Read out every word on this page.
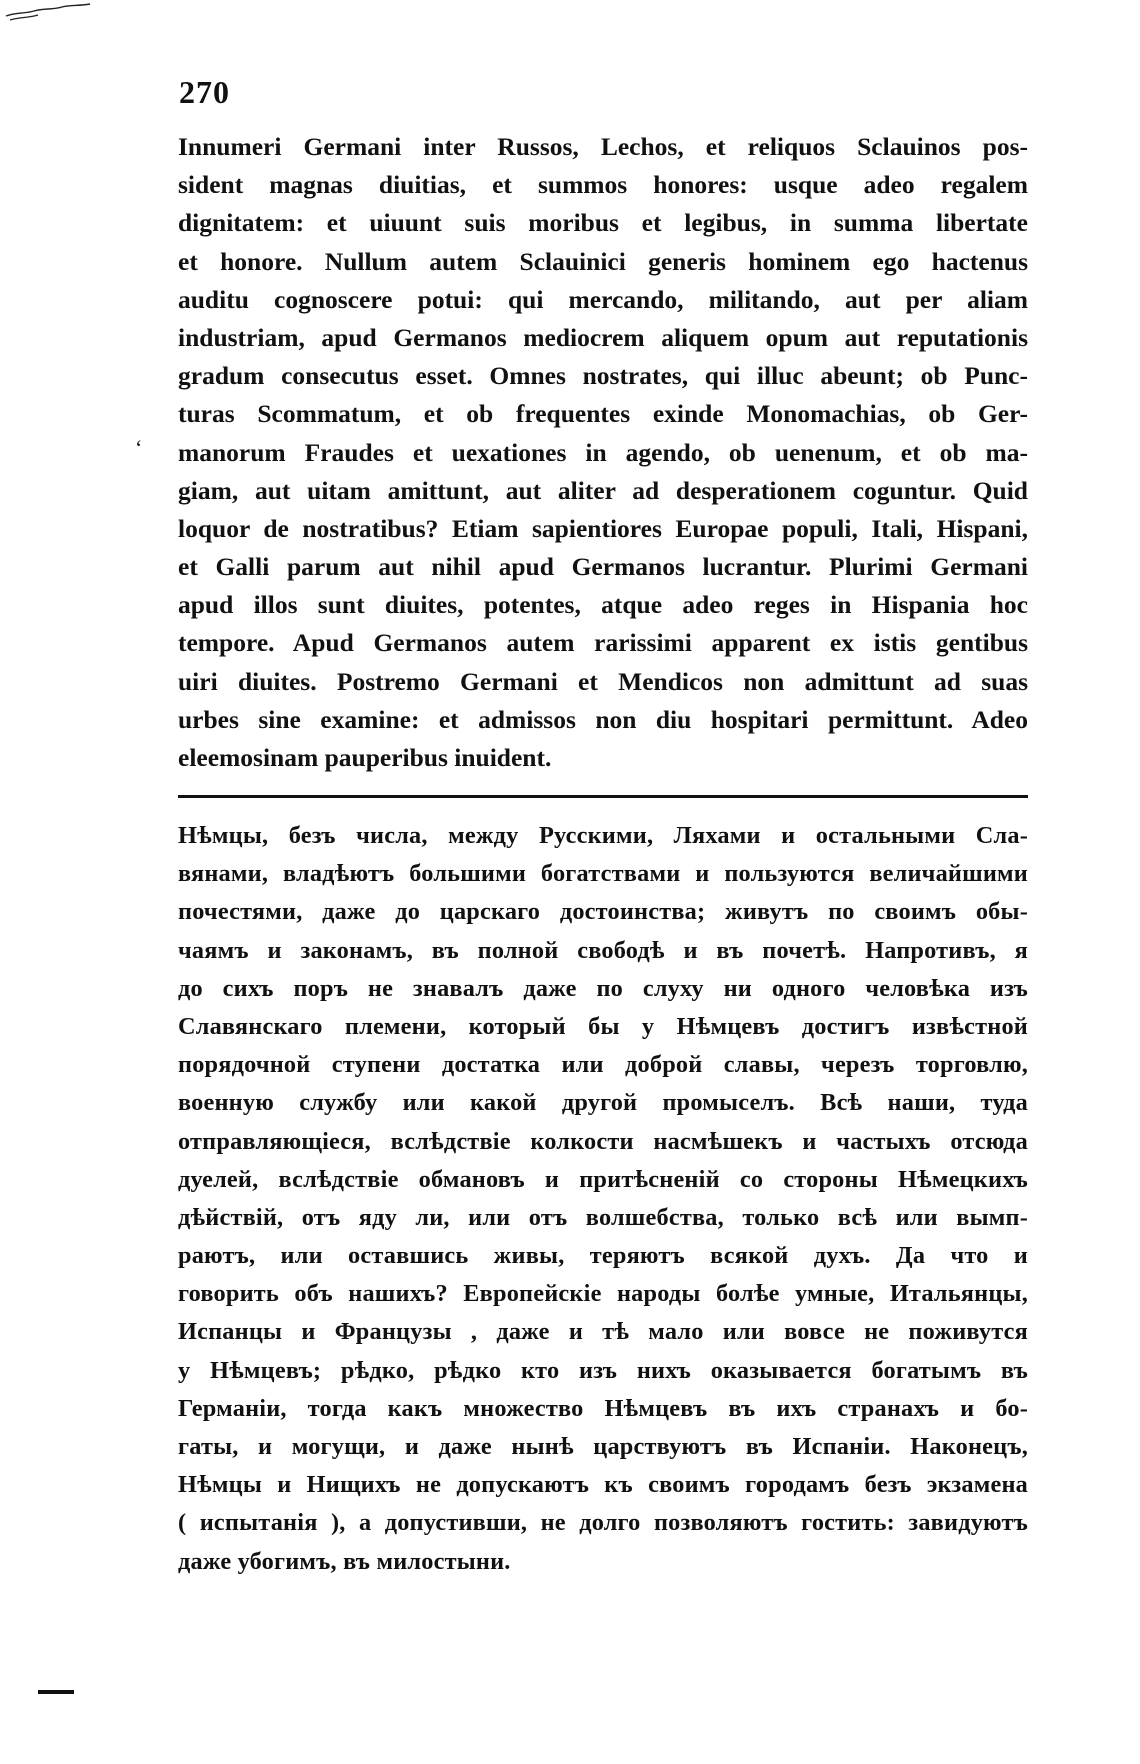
270
Innumeri Germani inter Russos, Lechos, et reliquos Sclauinos pos-
sident magnas diuitias, et summos honores: usque adeo regalem
dignitatem: et uiuunt suis moribus et legibus, in summa libertate
et honore. Nullum autem Sclauinici generis hominem ego hactenus
auditu cognoscere potui: qui mercando, militando, aut per aliam
industriam, apud Germanos mediocrem aliquem opum aut reputationis
gradum consecutus esset. Omnes nostrates, qui illuc abeunt; ob Punc-
turas Scommatum, et ob frequentes exinde Monomachias, ob Ger-
manorum Fraudes et uexationes in agendo, ob uenenum, et ob ma-
giam, aut uitam amittunt, aut aliter ad desperationem coguntur. Quid
loquor de nostratibus? Etiam sapientiores Europae populi, Itali, Hispani,
et Galli parum aut nihil apud Germanos lucrantur. Plurimi Germani
apud illos sunt diuites, potentes, atque adeo reges in Hispania hoc
tempore. Apud Germanos autem rarissimi apparent ex istis gentibus
uiri diuites. Postremo Germani et Mendicos non admittunt ad suas
urbes sine examine: et admissos non diu hospitari permittunt. Adeo
eleemosinam pauperibus inuident.
‘
Нѣмцы, безъ числа, между Русскими, Ляхами и остальными Сла-
вянами, владѣютъ большими богатствами и пользуются величайшими
почестями, даже до царскаго достоинства; живутъ по своимъ обы-
чаямъ и законамъ, въ полной свободѣ и въ почетѣ. Напротивъ, я
до сихъ поръ не знавалъ даже по слуху ни одного человѣка изъ
Славянскаго племени, который бы у Нѣмцевъ достигъ извѣстной
порядочной ступени достатка или доброй славы, черезъ торговлю,
военную службу или какой другой промыселъ. Всѣ наши, туда
отправляющіеся, вслѣдствіе колкости насмѣшекъ и частыхъ отсюда
дуелей, вслѣдствіе обмановъ и притѣсненій со стороны Нѣмецкихъ
дѣйствій, отъ яду ли, или отъ волшебства, только всѣ или вымп-
раютъ, или оставшись живы, теряютъ всякой духъ. Да что и
говорить объ нашихъ? Европейскіе народы болѣе умные, Итальянцы,
Испанцы и Французы , даже и тѣ мало или вовсе не поживутся
у Нѣмцевъ; рѣдко, рѣдко кто изъ нихъ оказывается богатымъ въ
Германіи, тогда какъ множество Нѣмцевъ въ ихъ странахъ и бо-
гаты, и могущи, и даже нынѣ царствуютъ въ Испаніи. Наконецъ,
Нѣмцы и Нищихъ не допускаютъ къ своимъ городамъ безъ экзамена
( испытанія ), а допустивши, не долго позволяютъ гостить: завидуютъ
даже убогимъ, въ милостыни.
